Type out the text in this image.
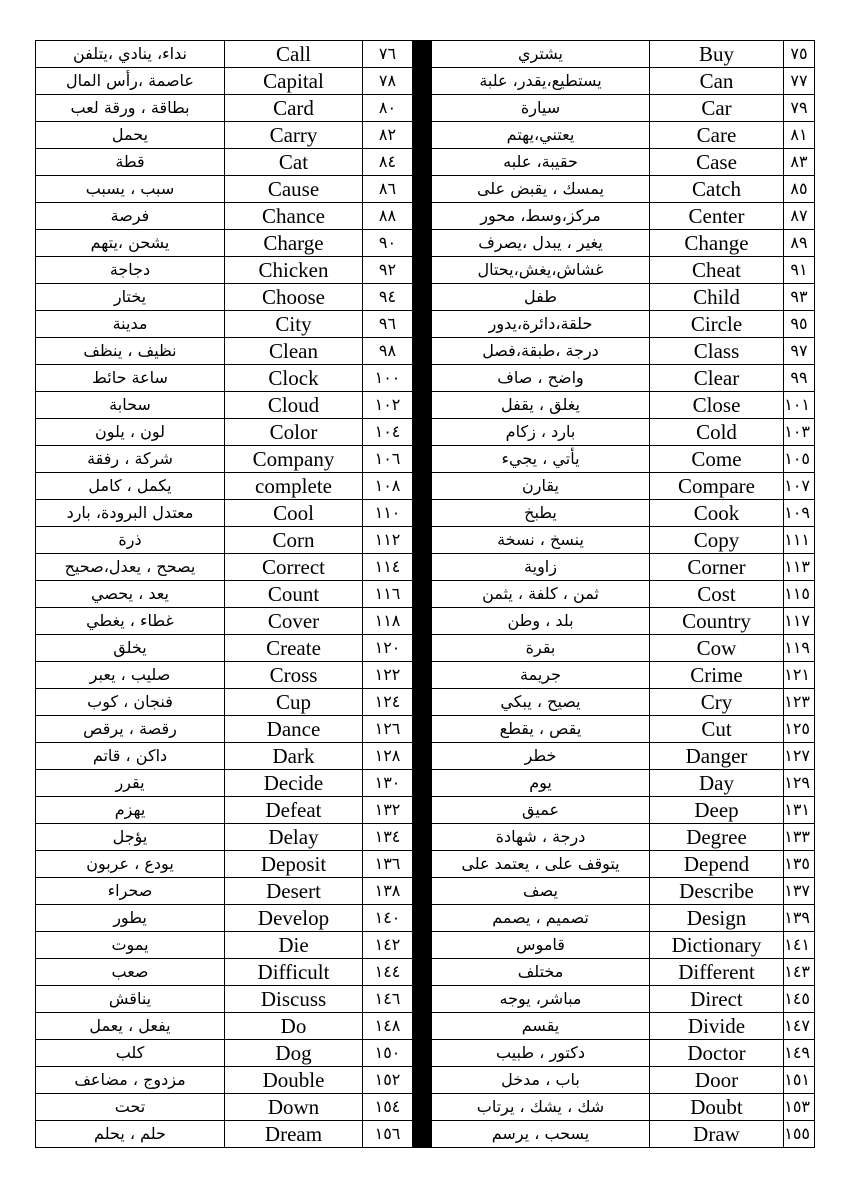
نداء، ينادي ،يتلفن	Call	٧٦		يشتري	Buy	٧٥
عاصمة ،رأس المال	Capital	٧٨		يستطيع،يقدر، علبة	Can	٧٧
بطاقة ، ورقة لعب	Card	٨٠		سيارة	Car	٧٩
يحمل	Carry	٨٢		يعتني،يهتم	Care	٨١
قطة	Cat	٨٤		حقيبة، علبه	Case	٨٣
سبب ، يسبب	Cause	٨٦		يمسك ، يقبض على	Catch	٨٥
فرصة	Chance	٨٨		مركز،وسط، محور	Center	٨٧
يشحن ،يتهم	Charge	٩٠		يغير ، يبدل ،يصرف	Change	٨٩
دجاجة	Chicken	٩٢		غشاش،يغش،يحتال	Cheat	٩١
يختار	Choose	٩٤		طفل	Child	٩٣
مدينة	City	٩٦		حلقة،دائرة،يدور	Circle	٩٥
نظيف ، ينظف	Clean	٩٨		درجة ،طبقة،فصل	Class	٩٧
ساعة حائط	Clock	١٠٠		واضح ، صاف	Clear	٩٩
سحابة	Cloud	١٠٢		يغلق ، يقفل	Close	١٠١
لون ، يلون	Color	١٠٤		بارد ، زكام	Cold	١٠٣
شركة ، رفقة	Company	١٠٦		يأتي ، يجيء	Come	١٠٥
يكمل ، كامل	complete	١٠٨		يقارن	Compare	١٠٧
معتدل البرودة، بارد	Cool	١١٠		يطبخ	Cook	١٠٩
ذرة	Corn	١١٢		ينسخ ، نسخة	Copy	١١١
يصحح ، يعدل،صحيح	Correct	١١٤		زاوية	Corner	١١٣
يعد ، يحصي	Count	١١٦		ثمن ، كلفة ، يثمن	Cost	١١٥
غطاء ، يغطي	Cover	١١٨		بلد ، وطن	Country	١١٧
يخلق	Create	١٢٠		بقرة	Cow	١١٩
صليب ، يعبر	Cross	١٢٢		جريمة	Crime	١٢١
فنجان ، كوب	Cup	١٢٤		يصيح ، يبكي	Cry	١٢٣
رقصة ، يرقص	Dance	١٢٦		يقص ، يقطع	Cut	١٢٥
داكن ، قاتم	Dark	١٢٨		خطر	Danger	١٢٧
يقرر	Decide	١٣٠		يوم	Day	١٢٩
يهزم	Defeat	١٣٢		عميق	Deep	١٣١
يؤجل	Delay	١٣٤		درجة ، شهادة	Degree	١٣٣
يودع ، عربون	Deposit	١٣٦		يتوقف على ، يعتمد على	Depend	١٣٥
صحراء	Desert	١٣٨		يصف	Describe	١٣٧
يطور	Develop	١٤٠		تصميم ، يصمم	Design	١٣٩
يموت	Die	١٤٢		قاموس	Dictionary	١٤١
صعب	Difficult	١٤٤		مختلف	Different	١٤٣
يناقش	Discuss	١٤٦		مباشر، يوجه	Direct	١٤٥
يفعل ، يعمل	Do	١٤٨		يقسم	Divide	١٤٧
كلب	Dog	١٥٠		دكتور ، طبيب	Doctor	١٤٩
مزدوج ، مضاعف	Double	١٥٢		باب ، مدخل	Door	١٥١
تحت	Down	١٥٤		شك ، يشك ، يرتاب	Doubt	١٥٣
حلم ، يحلم	Dream	١٥٦		يسحب ، يرسم	Draw	١٥٥
